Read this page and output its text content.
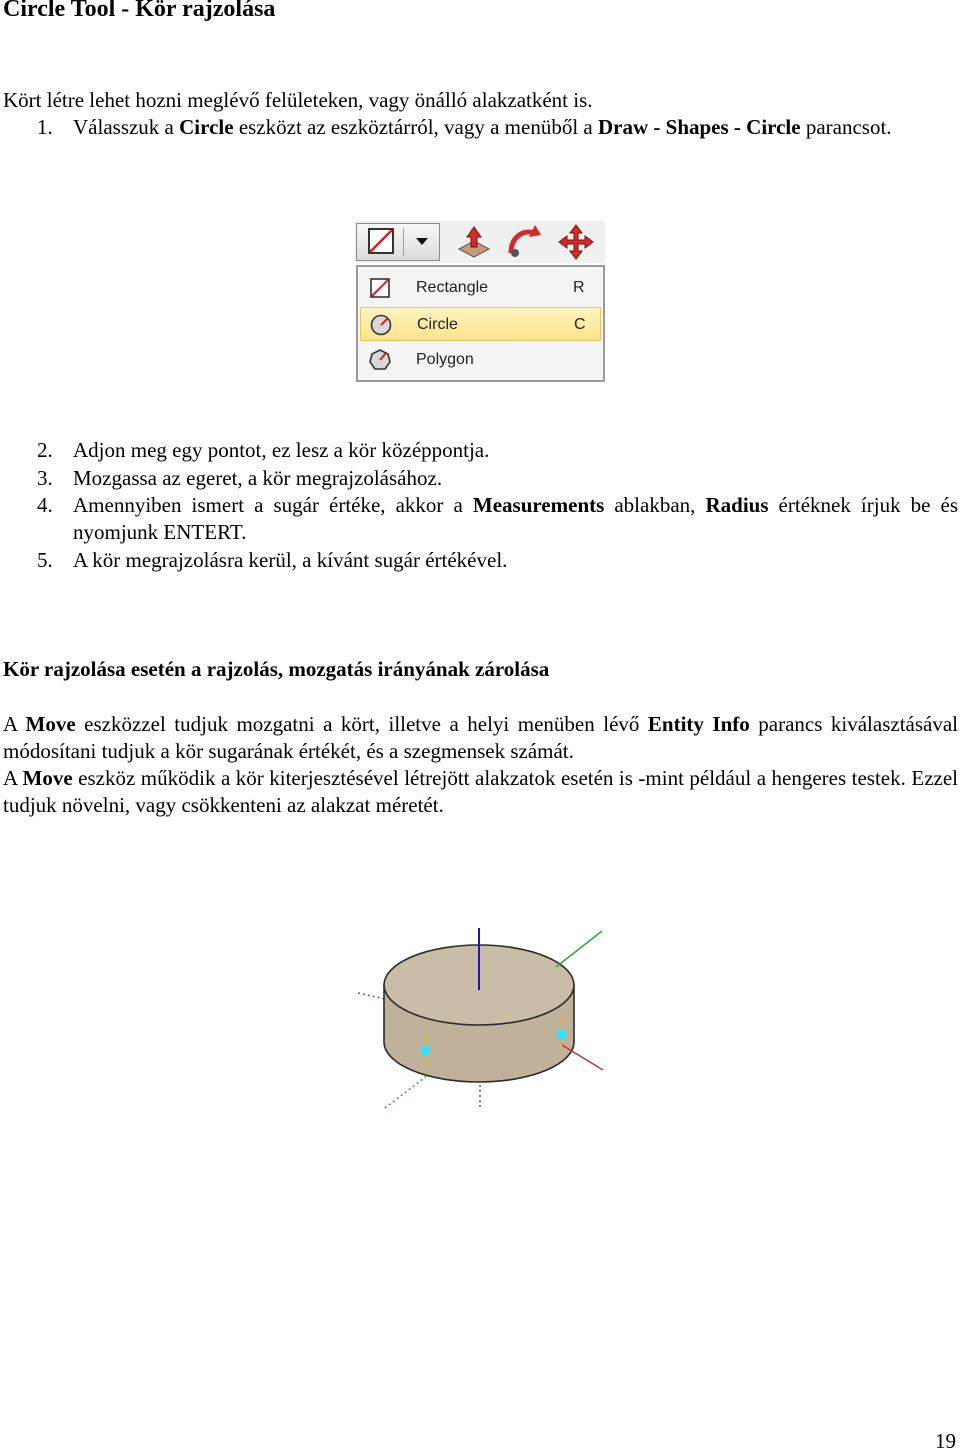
Circle Tool - Kör rajzolása

Kört létre lehet hozni meglévő felületeken, vagy önálló alakzatként is.

1. Válasszuk a Circle eszközt az eszköztárról, vagy a menüből a Draw - Shapes - Circle parancsot.
Rectangle	R
Circle	C
Polygon
2. Adjon meg egy pontot, ez lesz a kör középpontja.
3. Mozgassa az egeret, a kör megrajzolásához.
4. Amennyiben ismert a sugár értéke, akkor a Measurements ablakban, Radius értéknek írjuk be és nyomjunk ENTERT.
5. A kör megrajzolásra kerül, a kívánt sugár értékével.
Kör rajzolása esetén a rajzolás, mozgatás irányának zárolása

A Move eszközzel tudjuk mozgatni a kört, illetve a helyi menüben lévő Entity Info parancs kiválasztásával módosítani tudjuk a kör sugarának értékét, és a szegmensek számát.

A Move eszköz működik a kör kiterjesztésével létrejött alakzatok esetén is -mint például a hengeres testek. Ezzel tudjuk növelni, vagy csökkenteni az alakzat méretét.

19
